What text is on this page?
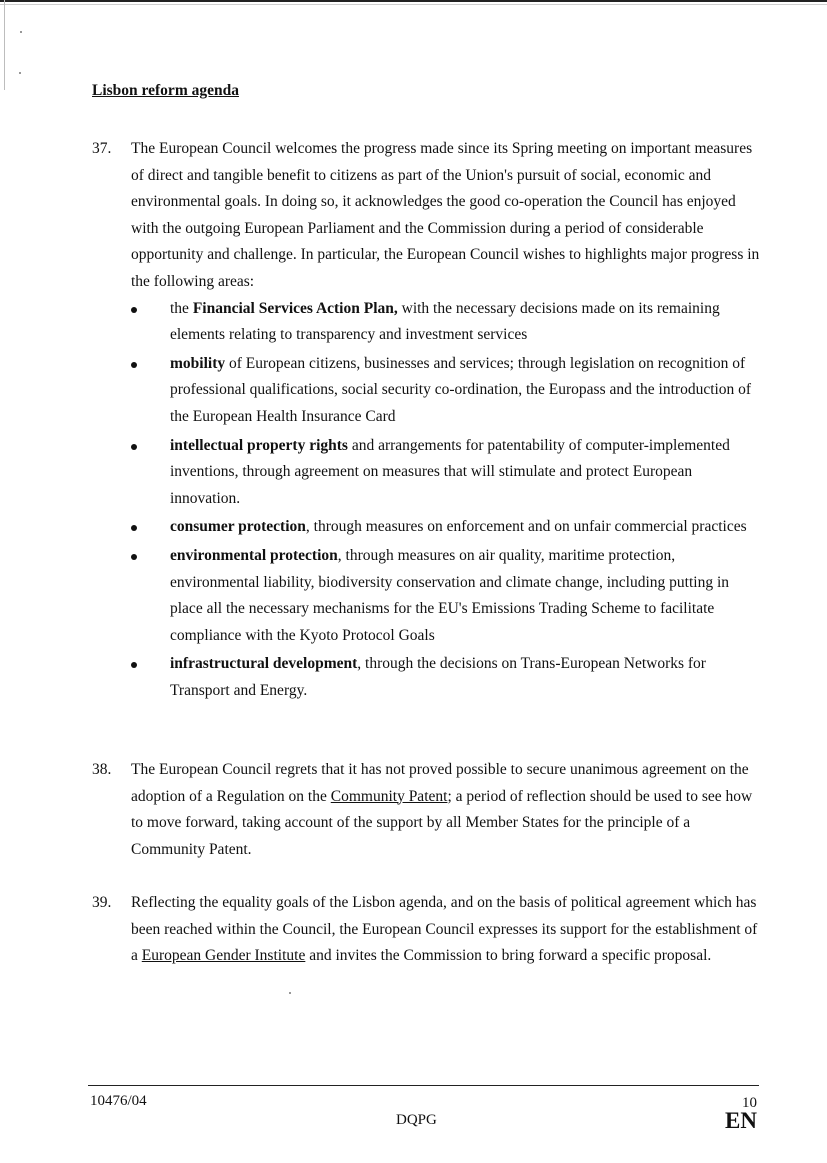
Lisbon reform agenda
37. The European Council welcomes the progress made since its Spring meeting on important measures of direct and tangible benefit to citizens as part of the Union's pursuit of social, economic and environmental goals. In doing so, it acknowledges the good co-operation the Council has enjoyed with the outgoing European Parliament and the Commission during a period of considerable opportunity and challenge. In particular, the European Council wishes to highlights major progress in the following areas:

the Financial Services Action Plan, with the necessary decisions made on its remaining elements relating to transparency and investment services
mobility of European citizens, businesses and services; through legislation on recognition of professional qualifications, social security co-ordination, the Europass and the introduction of the European Health Insurance Card
intellectual property rights and arrangements for patentability of computer-implemented inventions, through agreement on measures that will stimulate and protect European innovation.
consumer protection, through measures on enforcement and on unfair commercial practices
environmental protection, through measures on air quality, maritime protection, environmental liability, biodiversity conservation and climate change, including putting in place all the necessary mechanisms for the EU's Emissions Trading Scheme to facilitate compliance with the Kyoto Protocol Goals
infrastructural development, through the decisions on Trans-European Networks for Transport and Energy.
38. The European Council regrets that it has not proved possible to secure unanimous agreement on the adoption of a Regulation on the Community Patent; a period of reflection should be used to see how to move forward, taking account of the support by all Member States for the principle of a Community Patent.

39. Reflecting the equality goals of the Lisbon agenda, and on the basis of political agreement which has been reached within the Council, the European Council expresses its support for the establishment of a European Gender Institute and invites the Commission to bring forward a specific proposal.

10476/04	10
DQPG	EN
